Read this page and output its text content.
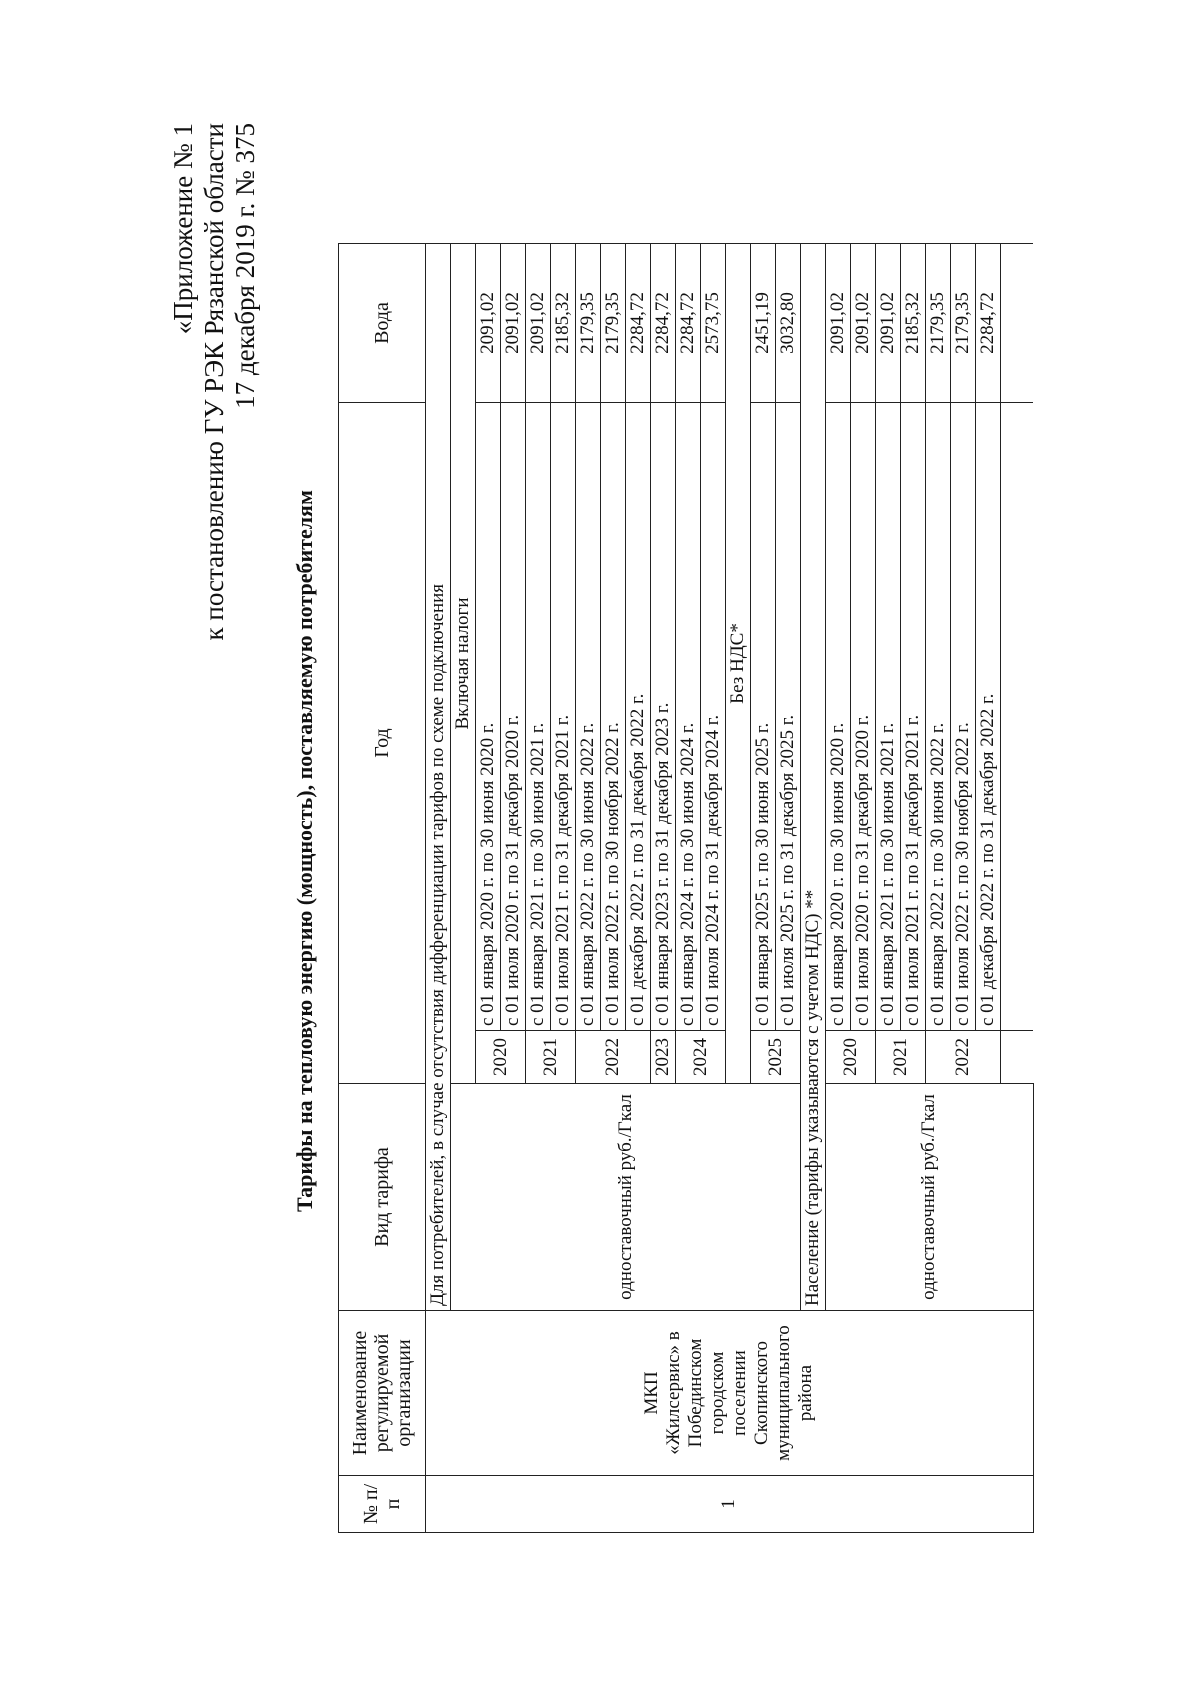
«Приложение № 1 к постановлению ГУ РЭК Рязанской области 17 декабря 2019 г. № 375
Тарифы на тепловую энергию (мощность), поставляемую потребителям
№ п/п	Наименование регулируемой организации	Вид тарифа	Год		Вода
1	МКП «Жилсервис» в Побединском городском поселении Скопинского муниципального района	Для потребителей, в случае отсутствия дифференциации тарифов по схеме подключения			
		одноставочный руб./Гкал	Включая налоги		
			2020	с 01 января 2020 г. по 30 июня 2020 г.	2091,02
				с 01 июля 2020 г. по 31 декабря 2020 г.	2091,02
			2021	с 01 января 2021 г. по 30 июня 2021 г.	2091,02
				с 01 июля 2021 г. по 31 декабря 2021 г.	2185,32
			2022	с 01 января 2022 г. по 30 июня 2022 г.	2179,35
				с 01 июля 2022 г. по 30 ноября 2022 г.	2179,35
				с 01 декабря 2022 г. по 31 декабря 2022 г.	2284,72
			2023	с 01 января 2023 г. по 31 декабря 2023 г.	2284,72
			2024	с 01 января 2024 г. по 30 июня 2024 г.	2284,72
				с 01 июля 2024 г. по 31 декабря 2024 г.	2573,75
			Без НДС*		
			2025	с 01 января 2025 г. по 30 июня 2025 г.	2451,19
				с 01 июля 2025 г. по 31 декабря 2025 г.	3032,80
		Население (тарифы указываются с учетом НДС) **			
		одноставочный руб./Гкал	2020	с 01 января 2020 г. по 30 июня 2020 г.	2091,02
				с 01 июля 2020 г. по 31 декабря 2020 г.	2091,02
			2021	с 01 января 2021 г. по 30 июня 2021 г.	2091,02
				с 01 июля 2021 г. по 31 декабря 2021 г.	2185,32
			2022	с 01 января 2022 г. по 30 июня 2022 г.	2179,35
				с 01 июля 2022 г. по 30 ноября 2022 г.	2179,35
				с 01 декабря 2022 г. по 31 декабря 2022 г.	2284,72
